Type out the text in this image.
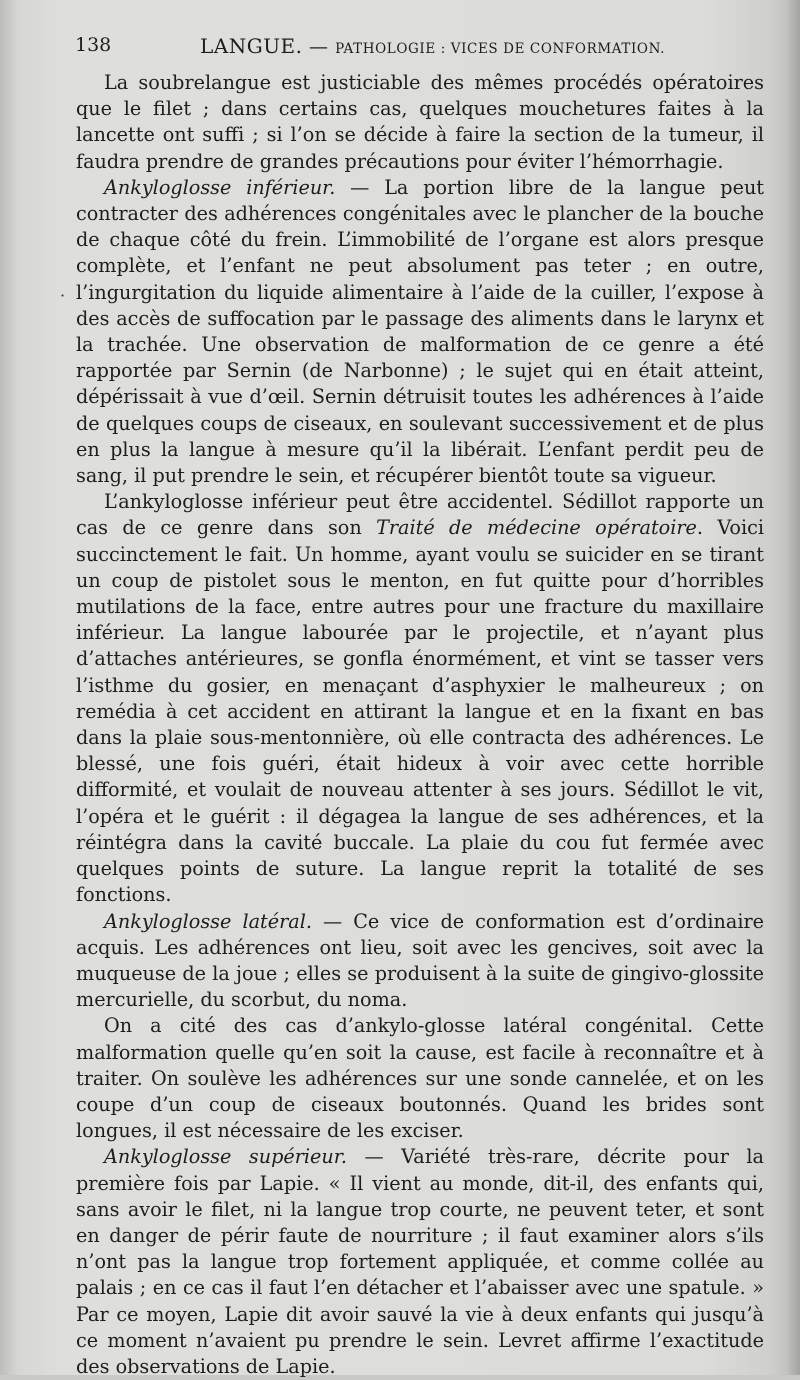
138	LANGUE. — PATHOLOGIE : VICES DE CONFORMATION.
·

La soubrelangue est justiciable des mêmes procédés opératoires que le filet ; dans certains cas, quelques mouchetures faites à la lancette ont suffi ; si l’on se décide à faire la section de la tumeur, il faudra prendre de grandes précautions pour éviter l’hémorrhagie.

Ankyloglosse inférieur. — La portion libre de la langue peut contracter des adhérences congénitales avec le plancher de la bouche de chaque côté du frein. L’immobilité de l’organe est alors presque complète, et l’enfant ne peut absolument pas teter ; en outre, l’ingurgitation du liquide alimentaire à l’aide de la cuiller, l’expose à des accès de suffocation par le passage des aliments dans le larynx et la trachée. Une observation de malformation de ce genre a été rapportée par Sernin (de Narbonne) ; le sujet qui en était atteint, dépérissait à vue d’œil. Sernin détruisit toutes les adhérences à l’aide de quelques coups de ciseaux, en soulevant successivement et de plus en plus la langue à mesure qu’il la libérait. L’enfant perdit peu de sang, il put prendre le sein, et récupérer bientôt toute sa vigueur.

L’ankyloglosse inférieur peut être accidentel. Sédillot rapporte un cas de ce genre dans son Traité de médecine opératoire. Voici succinctement le fait. Un homme, ayant voulu se suicider en se tirant un coup de pistolet sous le menton, en fut quitte pour d’horribles mutilations de la face, entre autres pour une fracture du maxillaire inférieur. La langue labourée par le projectile, et n’ayant plus d’attaches antérieures, se gonfla énormément, et vint se tasser vers l’isthme du gosier, en menaçant d’asphyxier le malheureux ; on remédia à cet accident en attirant la langue et en la fixant en bas dans la plaie sous-mentonnière, où elle contracta des adhérences. Le blessé, une fois guéri, était hideux à voir avec cette horrible difformité, et voulait de nouveau attenter à ses jours. Sédillot le vit, l’opéra et le guérit : il dégagea la langue de ses adhérences, et la réintégra dans la cavité buccale. La plaie du cou fut fermée avec quelques points de suture. La langue reprit la totalité de ses fonctions.

Ankyloglosse latéral. — Ce vice de conformation est d’ordinaire acquis. Les adhérences ont lieu, soit avec les gencives, soit avec la muqueuse de la joue ; elles se produisent à la suite de gingivo-glossite mercurielle, du scorbut, du noma.

On a cité des cas d’ankylo-glosse latéral congénital. Cette malformation quelle qu’en soit la cause, est facile à reconnaître et à traiter. On soulève les adhérences sur une sonde cannelée, et on les coupe d’un coup de ciseaux boutonnés. Quand les brides sont longues, il est nécessaire de les exciser.

Ankyloglosse supérieur. — Variété très-rare, décrite pour la première fois par Lapie. « Il vient au monde, dit-il, des enfants qui, sans avoir le filet, ni la langue trop courte, ne peuvent teter, et sont en danger de périr faute de nourriture ; il faut examiner alors s’ils n’ont pas la langue trop fortement appliquée, et comme collée au palais ; en ce cas il faut l’en détacher et l’abaisser avec une spatule. » Par ce moyen, Lapie dit avoir sauvé la vie à deux enfants qui jusqu’à ce moment n’avaient pu prendre le sein. Levret affirme l’exactitude des observations de Lapie.
